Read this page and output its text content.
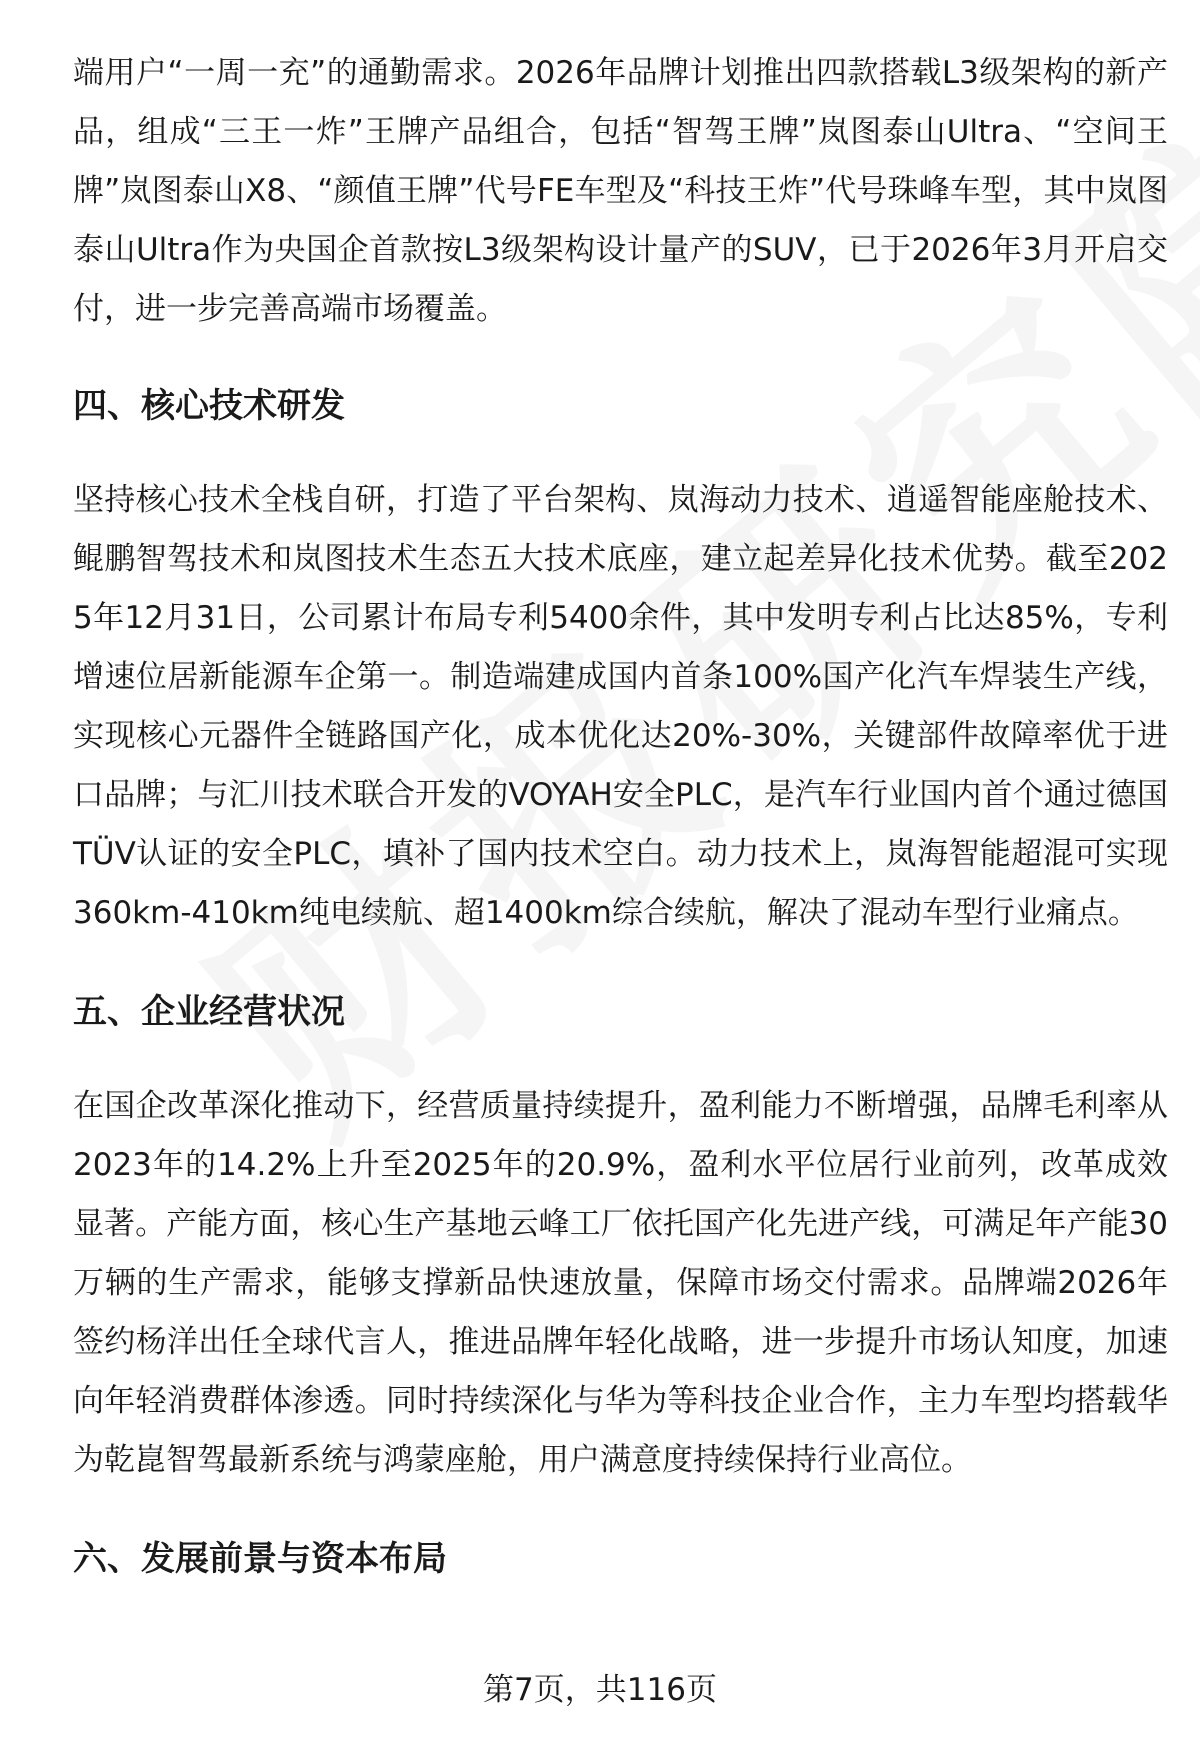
端用户“一周一充”的通勤需求。2026年品牌计划推出四款搭载L3级架构的新产品，组成“三王一炸”王牌产品组合，包括“智驾王牌”岚图泰山Ultra、“空间王牌”岚图泰山X8、“颜值王牌”代号FE车型及“科技王炸”代号珠峰车型，其中岚图泰山Ultra作为央国企首款按L3级架构设计量产的SUV，已于2026年3月开启交付，进一步完善高端市场覆盖。

四、核心技术研发

坚持核心技术全栈自研，打造了平台架构、岚海动力技术、逍遥智能座舱技术、鲲鹏智驾技术和岚图技术生态五大技术底座，建立起差异化技术优势。截至2025年12月31日，公司累计布局专利5400余件，其中发明专利占比达85%，专利增速位居新能源车企第一。制造端建成国内首条100%国产化汽车焊装生产线，实现核心元器件全链路国产化，成本优化达20%-30%，关键部件故障率优于进口品牌；与汇川技术联合开发的VOYAH安全PLC，是汽车行业国内首个通过德国TÜV认证的安全PLC，填补了国内技术空白。动力技术上，岚海智能超混可实现360km-410km纯电续航、超1400km综合续航，解决了混动车型行业痛点。

五、企业经营状况

在国企改革深化推动下，经营质量持续提升，盈利能力不断增强，品牌毛利率从2023年的14.2%上升至2025年的20.9%，盈利水平位居行业前列，改革成效显著。产能方面，核心生产基地云峰工厂依托国产化先进产线，可满足年产能30万辆的生产需求，能够支撑新品快速放量，保障市场交付需求。品牌端2026年签约杨洋出任全球代言人，推进品牌年轻化战略，进一步提升市场认知度，加速向年轻消费群体渗透。同时持续深化与华为等科技企业合作，主力车型均搭载华为乾崑智驾最新系统与鸿蒙座舱，用户满意度持续保持行业高位。

六、发展前景与资本布局
第7页，共116页
